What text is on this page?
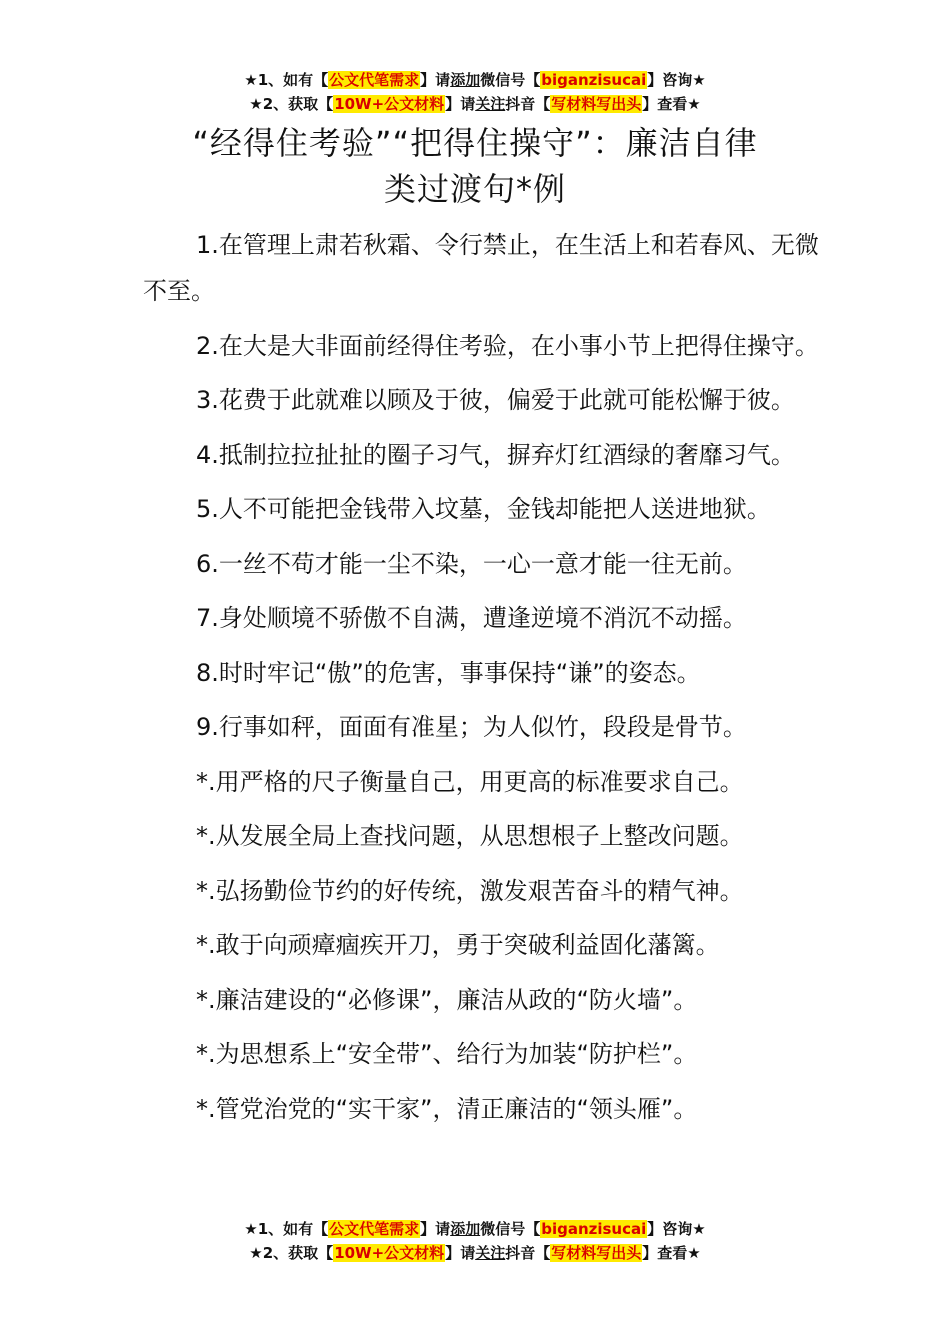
★1、如有【公文代笔需求】请添加微信号【biganzisucai】咨询★
★2、获取【10W+公文材料】请关注抖音【写材料写出头】查看★
“经得住考验”“把得住操守”：廉洁自律
类过渡句*例

1.在管理上肃若秋霜、令行禁止，在生活上和若春风、无微不至。

2.在大是大非面前经得住考验，在小事小节上把得住操守。

3.花费于此就难以顾及于彼，偏爱于此就可能松懈于彼。

4.抵制拉拉扯扯的圈子习气，摒弃灯红酒绿的奢靡习气。

5.人不可能把金钱带入坟墓，金钱却能把人送进地狱。

6.一丝不苟才能一尘不染，一心一意才能一往无前。

7.身处顺境不骄傲不自满，遭逢逆境不消沉不动摇。

8.时时牢记“傲”的危害，事事保持“谦”的姿态。

9.行事如秤，面面有准星；为人似竹，段段是骨节。

*.用严格的尺子衡量自己，用更高的标准要求自己。

*.从发展全局上查找问题，从思想根子上整改问题。

*.弘扬勤俭节约的好传统，激发艰苦奋斗的精气神。

*.敢于向顽瘴痼疾开刀，勇于突破利益固化藩篱。

*.廉洁建设的“必修课”，廉洁从政的“防火墙”。

*.为思想系上“安全带”、给行为加装“防护栏”。

*.管党治党的“实干家”，清正廉洁的“领头雁”。

★1、如有【公文代笔需求】请添加微信号【biganzisucai】咨询★
★2、获取【10W+公文材料】请关注抖音【写材料写出头】查看★
